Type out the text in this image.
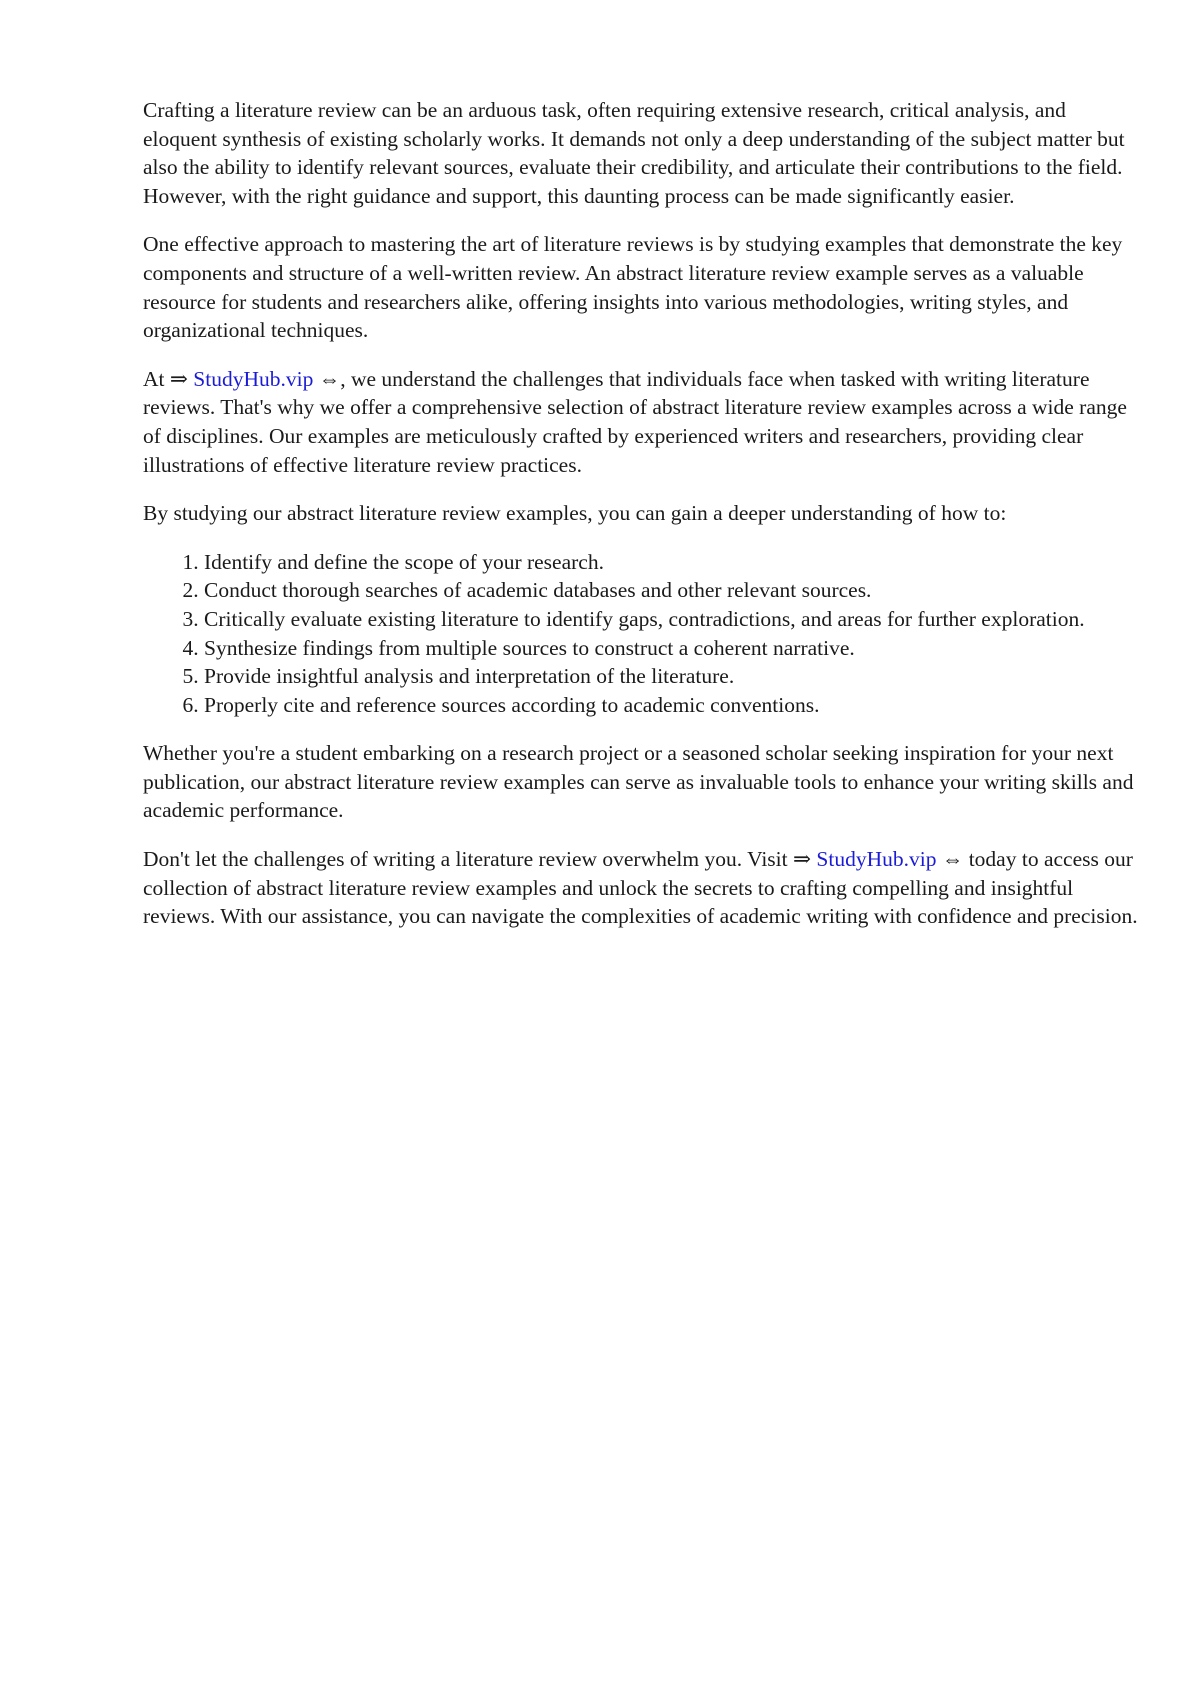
Crafting a literature review can be an arduous task, often requiring extensive research, critical analysis, and eloquent synthesis of existing scholarly works. It demands not only a deep understanding of the subject matter but also the ability to identify relevant sources, evaluate their credibility, and articulate their contributions to the field. However, with the right guidance and support, this daunting process can be made significantly easier.

One effective approach to mastering the art of literature reviews is by studying examples that demonstrate the key components and structure of a well-written review. An abstract literature review example serves as a valuable resource for students and researchers alike, offering insights into various methodologies, writing styles, and organizational techniques.

At ⇒ StudyHub.vip ⇔, we understand the challenges that individuals face when tasked with writing literature reviews. That's why we offer a comprehensive selection of abstract literature review examples across a wide range of disciplines. Our examples are meticulously crafted by experienced writers and researchers, providing clear illustrations of effective literature review practices.

By studying our abstract literature review examples, you can gain a deeper understanding of how to:

1. Identify and define the scope of your research.
2. Conduct thorough searches of academic databases and other relevant sources.
3. Critically evaluate existing literature to identify gaps, contradictions, and areas for further exploration.
4. Synthesize findings from multiple sources to construct a coherent narrative.
5. Provide insightful analysis and interpretation of the literature.
6. Properly cite and reference sources according to academic conventions.

Whether you're a student embarking on a research project or a seasoned scholar seeking inspiration for your next publication, our abstract literature review examples can serve as invaluable tools to enhance your writing skills and academic performance.

Don't let the challenges of writing a literature review overwhelm you. Visit ⇒ StudyHub.vip ⇔ today to access our collection of abstract literature review examples and unlock the secrets to crafting compelling and insightful reviews. With our assistance, you can navigate the complexities of academic writing with confidence and precision.
